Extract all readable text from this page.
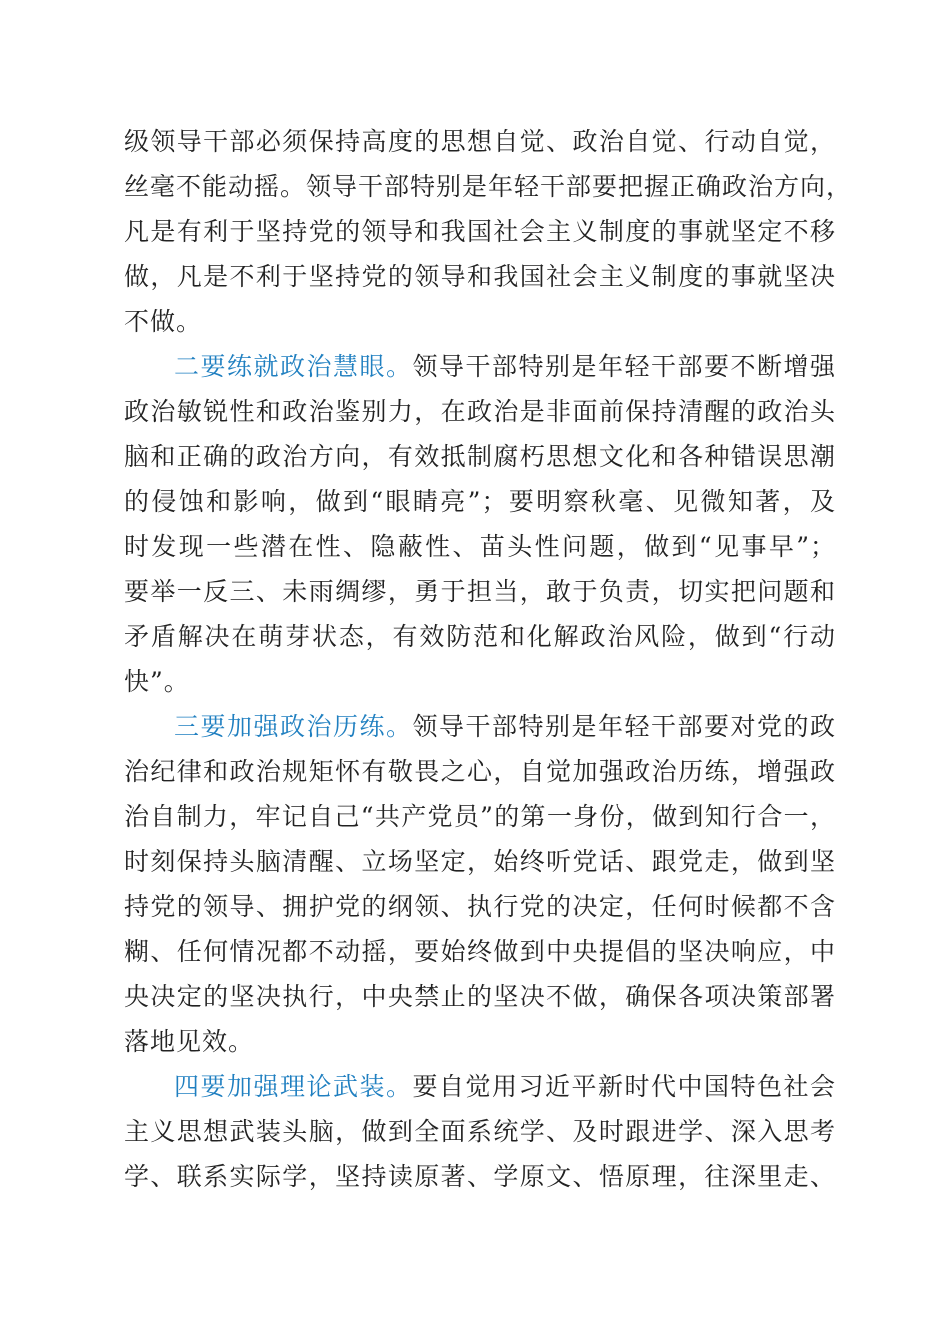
级领导干部必须保持高度的思想自觉、政治自觉、行动自觉，
丝毫不能动摇。领导干部特别是年轻干部要把握正确政治方向，
凡是有利于坚持党的领导和我国社会主义制度的事就坚定不移
做，凡是不利于坚持党的领导和我国社会主义制度的事就坚决
不做。
二要练就政治慧眼。领导干部特别是年轻干部要不断增强
政治敏锐性和政治鉴别力，在政治是非面前保持清醒的政治头
脑和正确的政治方向，有效抵制腐朽思想文化和各种错误思潮
的侵蚀和影响，做到“眼睛亮”；要明察秋毫、见微知著，及
时发现一些潜在性、隐蔽性、苗头性问题，做到“见事早”；
要举一反三、未雨绸缪，勇于担当，敢于负责，切实把问题和
矛盾解决在萌芽状态，有效防范和化解政治风险，做到“行动
快”。
三要加强政治历练。领导干部特别是年轻干部要对党的政
治纪律和政治规矩怀有敬畏之心，自觉加强政治历练，增强政
治自制力，牢记自己“共产党员”的第一身份，做到知行合一，
时刻保持头脑清醒、立场坚定，始终听党话、跟党走，做到坚
持党的领导、拥护党的纲领、执行党的决定，任何时候都不含
糊、任何情况都不动摇，要始终做到中央提倡的坚决响应，中
央决定的坚决执行，中央禁止的坚决不做，确保各项决策部署
落地见效。
四要加强理论武装。要自觉用习近平新时代中国特色社会
主义思想武装头脑，做到全面系统学、及时跟进学、深入思考
学、联系实际学，坚持读原著、学原文、悟原理，往深里走、
